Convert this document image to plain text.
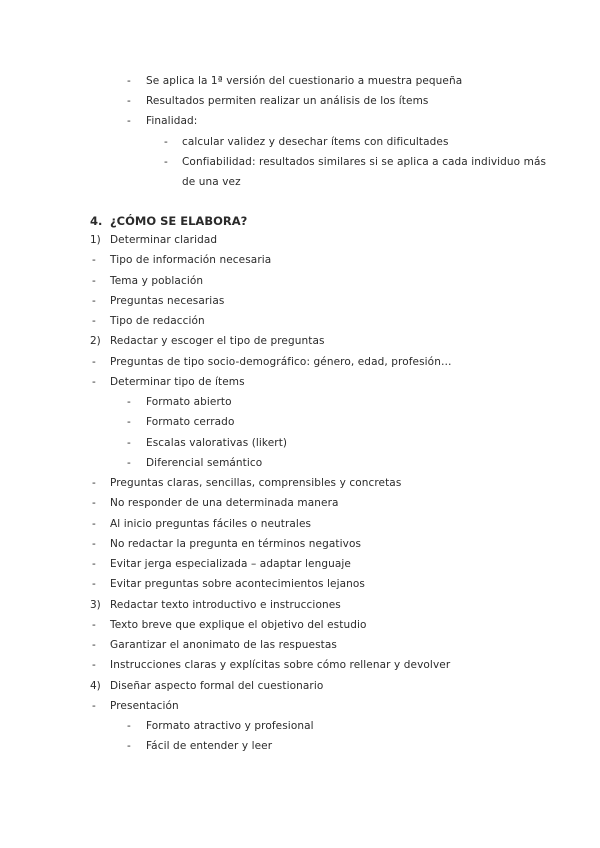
- Se aplica la 1ª versión del cuestionario a muestra pequeña
- Resultados permiten realizar un análisis de los ítems
- Finalidad:
- calcular validez y desechar ítems con dificultades
- Confiabilidad: resultados similares si se aplica a cada individuo más
de una vez
4. ¿CÓMO SE ELABORA?
1) Determinar claridad
- Tipo de información necesaria
- Tema y población
- Preguntas necesarias
- Tipo de redacción
2) Redactar y escoger el tipo de preguntas
- Preguntas de tipo socio-demográfico: género, edad, profesión…
- Determinar tipo de ítems
- Formato abierto
- Formato cerrado
- Escalas valorativas (likert)
- Diferencial semántico
- Preguntas claras, sencillas, comprensibles y concretas
- No responder de una determinada manera
- Al inicio preguntas fáciles o neutrales
- No redactar la pregunta en términos negativos
- Evitar jerga especializada – adaptar lenguaje
- Evitar preguntas sobre acontecimientos lejanos
3) Redactar texto introductivo e instrucciones
- Texto breve que explique el objetivo del estudio
- Garantizar el anonimato de las respuestas
- Instrucciones claras y explícitas sobre cómo rellenar y devolver
4) Diseñar aspecto formal del cuestionario
- Presentación
- Formato atractivo y profesional
- Fácil de entender y leer
